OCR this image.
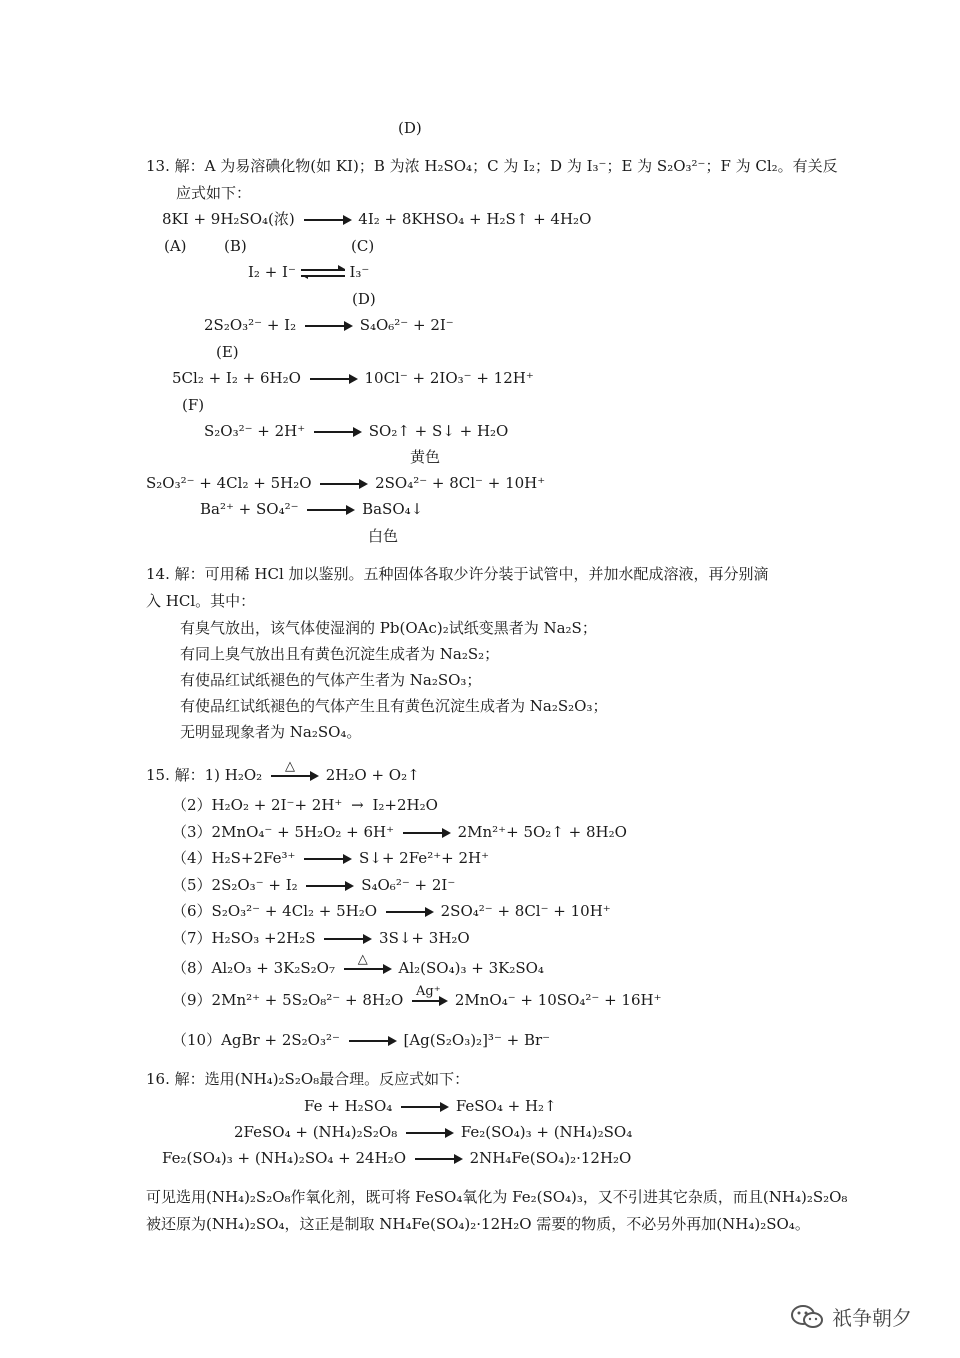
(D)
13. 解：A 为易溶碘化物(如 KI)；B 为浓 H₂SO₄；C 为 I₂；D 为 I₃⁻；E 为 S₂O₃²⁻；F 为 Cl₂。有关反
应式如下：
8KI + 9H₂SO₄(浓) → 4I₂ + 8KHSO₄ + H₂S↑ + 4H₂O
(A) (B)	(C)
I₂ + I⁻ ⇌ I₃⁻
(D)
2S₂O₃²⁻ + I₂ → S₄O₆²⁻ + 2I⁻
(E)
5Cl₂ + I₂ + 6H₂O → 10Cl⁻ + 2IO₃⁻ + 12H⁺
(F)
S₂O₃²⁻ + 2H⁺ → SO₂↑ + S↓ + H₂O
黄色
S₂O₃²⁻ + 4Cl₂ + 5H₂O → 2SO₄²⁻ + 8Cl⁻ + 10H⁺
Ba²⁺ + SO₄²⁻ → BaSO₄↓
白色
14. 解：可用稀 HCl 加以鉴别。五种固体各取少许分装于试管中，并加水配成溶液，再分别滴
入 HCl。其中：
有臭气放出，该气体使湿润的 Pb(OAc)₂试纸变黑者为 Na₂S；
有同上臭气放出且有黄色沉淀生成者为 Na₂S₂；
有使品红试纸褪色的气体产生者为 Na₂SO₃；
有使品红试纸褪色的气体产生且有黄色沉淀生成者为 Na₂S₂O₃；
无明显现象者为 Na₂SO₄。
15. 解：1) H₂O₂ △ 2H₂O + O₂↑
（2）H₂O₂ + 2I⁻+ 2H⁺ → I₂+2H₂O
（3）2MnO₄⁻ + 5H₂O₂ + 6H⁺ → 2Mn²⁺+ 5O₂↑ + 8H₂O
（4）H₂S+2Fe³⁺ → S↓+ 2Fe²⁺+ 2H⁺
（5）2S₂O₃⁻ + I₂ → S₄O₆²⁻ + 2I⁻
（6）S₂O₃²⁻ + 4Cl₂ + 5H₂O → 2SO₄²⁻ + 8Cl⁻ + 10H⁺
（7）H₂SO₃ +2H₂S → 3S↓+ 3H₂O
（8）Al₂O₃ + 3K₂S₂O₇ △ Al₂(SO₄)₃ + 3K₂SO₄
（9）2Mn²⁺ + 5S₂O₈²⁻ + 8H₂O Ag⁺ 2MnO₄⁻ + 10SO₄²⁻ + 16H⁺
（10）AgBr + 2S₂O₃²⁻ → [Ag(S₂O₃)₂]³⁻ + Br⁻
16. 解：选用(NH₄)₂S₂O₈最合理。反应式如下：
Fe + H₂SO₄ → FeSO₄ + H₂↑
2FeSO₄ + (NH₄)₂S₂O₈ → Fe₂(SO₄)₃ + (NH₄)₂SO₄
Fe₂(SO₄)₃ + (NH₄)₂SO₄ + 24H₂O → 2NH₄Fe(SO₄)₂·12H₂O
可见选用(NH₄)₂S₂O₈作氧化剂，既可将 FeSO₄氧化为 Fe₂(SO₄)₃，又不引进其它杂质，而且(NH₄)₂S₂O₈
被还原为(NH₄)₂SO₄，这正是制取 NH₄Fe(SO₄)₂·12H₂O 需要的物质，不必另外再加(NH₄)₂SO₄。
祇争朝夕
